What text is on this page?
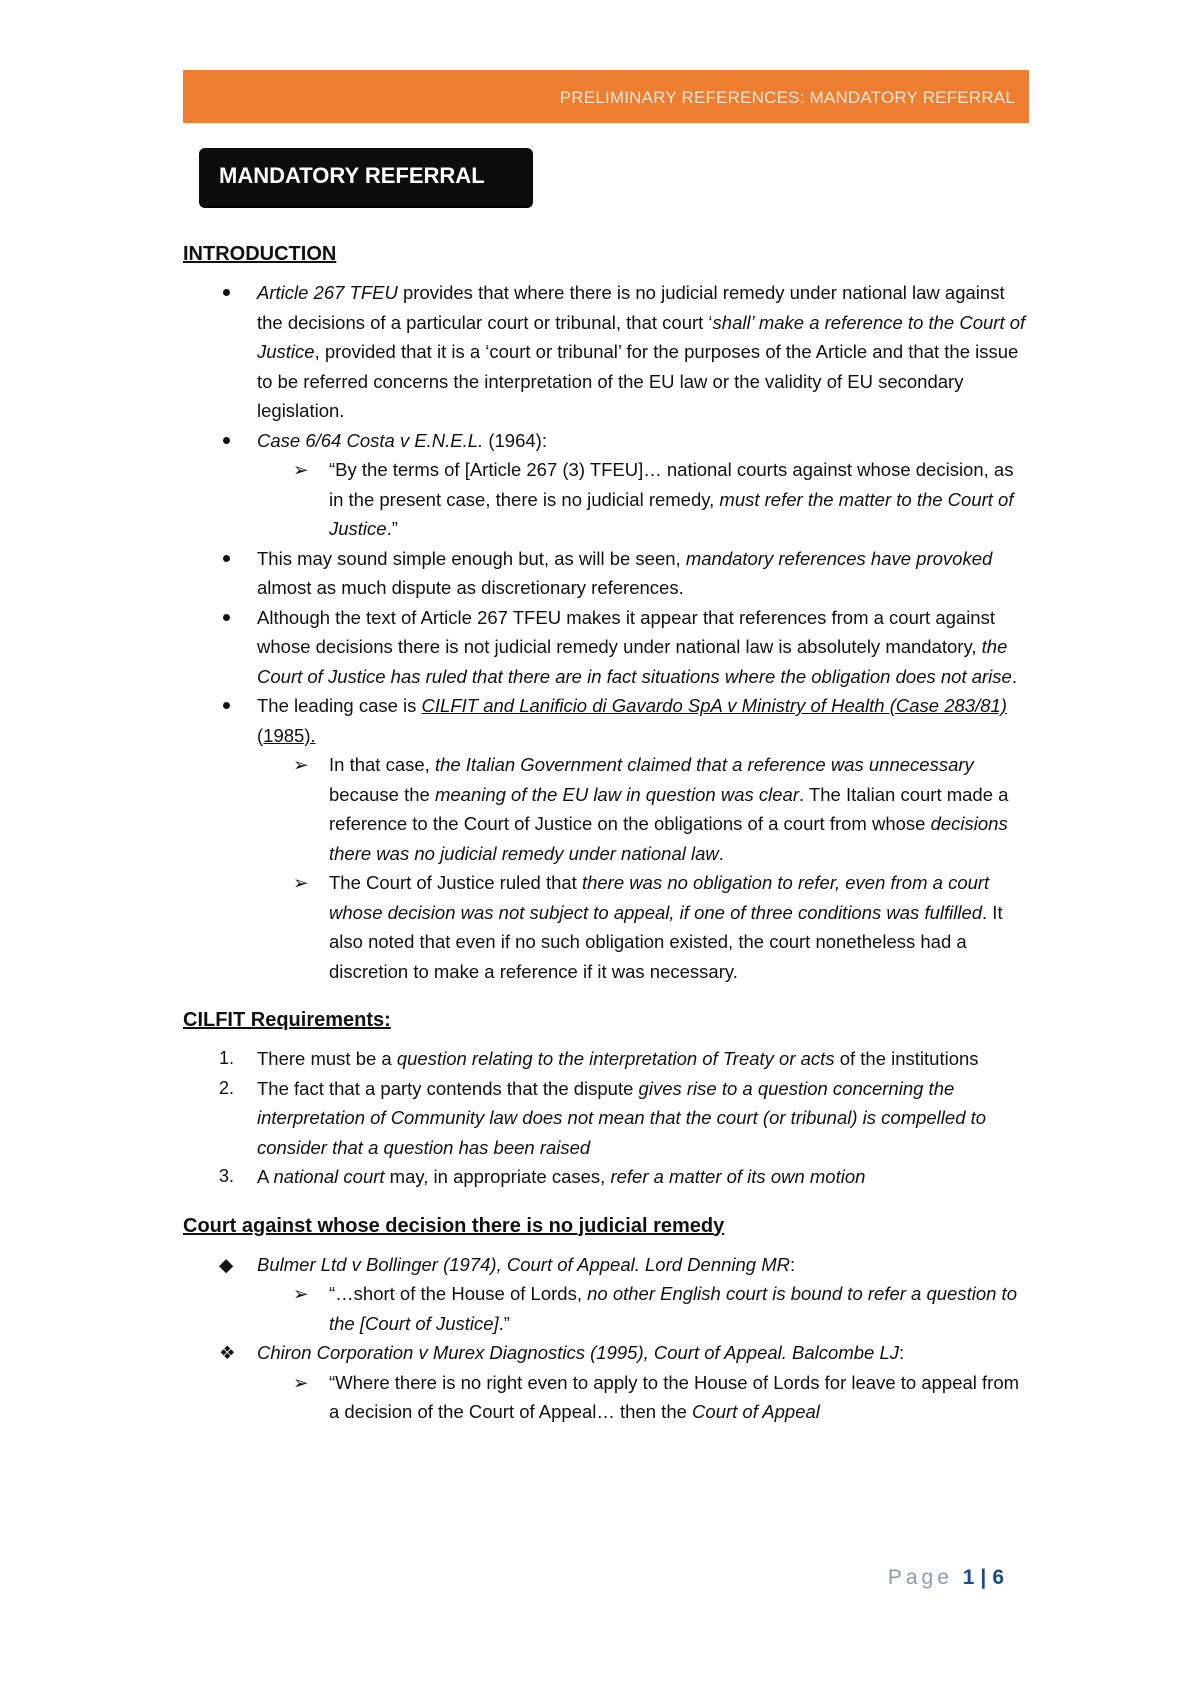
PRELIMINARY REFERENCES: MANDATORY REFERRAL
MANDATORY REFERRAL
INTRODUCTION
Article 267 TFEU provides that where there is no judicial remedy under national law against the decisions of a particular court or tribunal, that court ‘shall’ make a reference to the Court of Justice, provided that it is a ‘court or tribunal’ for the purposes of the Article and that the issue to be referred concerns the interpretation of the EU law or the validity of EU secondary legislation.
Case 6/64 Costa v E.N.E.L. (1964):
➢ “By the terms of [Article 267 (3) TFEU]… national courts against whose decision, as in the present case, there is no judicial remedy, must refer the matter to the Court of Justice.”
This may sound simple enough but, as will be seen, mandatory references have provoked almost as much dispute as discretionary references.
Although the text of Article 267 TFEU makes it appear that references from a court against whose decisions there is not judicial remedy under national law is absolutely mandatory, the Court of Justice has ruled that there are in fact situations where the obligation does not arise.
The leading case is CILFIT and Lanificio di Gavardo SpA v Ministry of Health (Case 283/81) (1985).
➢ In that case, the Italian Government claimed that a reference was unnecessary because the meaning of the EU law in question was clear. The Italian court made a reference to the Court of Justice on the obligations of a court from whose decisions there was no judicial remedy under national law.
➢ The Court of Justice ruled that there was no obligation to refer, even from a court whose decision was not subject to appeal, if one of three conditions was fulfilled. It also noted that even if no such obligation existed, the court nonetheless had a discretion to make a reference if it was necessary.
CILFIT Requirements:
1. There must be a question relating to the interpretation of Treaty or acts of the institutions
2. The fact that a party contends that the dispute gives rise to a question concerning the interpretation of Community law does not mean that the court (or tribunal) is compelled to consider that a question has been raised
3. A national court may, in appropriate cases, refer a matter of its own motion
Court against whose decision there is no judicial remedy
◆	Bulmer Ltd v Bollinger (1974), Court of Appeal. Lord Denning MR:
➢ “…short of the House of Lords, no other English court is bound to refer a question to the [Court of Justice].”
❖ Chiron Corporation v Murex Diagnostics (1995), Court of Appeal. Balcombe LJ:
➢ “Where there is no right even to apply to the House of Lords for leave to appeal from a decision of the Court of Appeal… then the Court of Appeal
Page 1 | 6
